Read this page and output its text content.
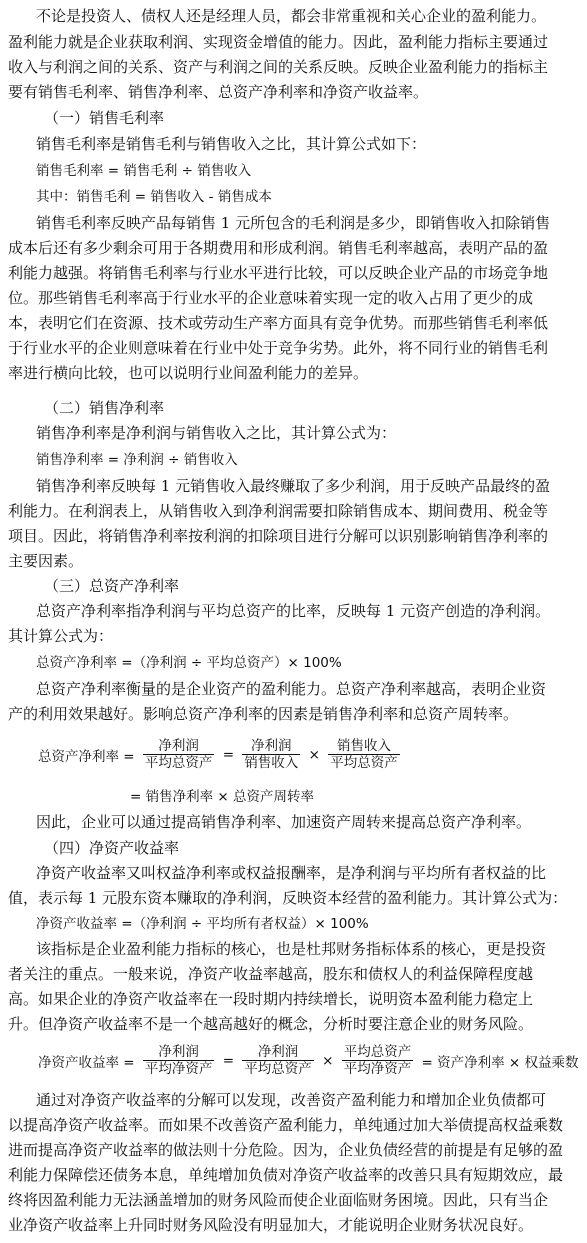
不论是投资人、债权人还是经理人员，都会非常重视和关心企业的盈利能力。
盈利能力就是企业获取利润、实现资金增值的能力。因此，盈利能力指标主要通过
收入与利润之间的关系、资产与利润之间的关系反映。反映企业盈利能力的指标主
要有销售毛利率、销售净利率、总资产净利率和净资产收益率。
（一）销售毛利率
销售毛利率是销售毛利与销售收入之比，其计算公式如下：
销售毛利率 = 销售毛利 ÷ 销售收入
其中：销售毛利 = 销售收入 - 销售成本
销售毛利率反映产品每销售 1 元所包含的毛利润是多少，即销售收入扣除销售
成本后还有多少剩余可用于各期费用和形成利润。销售毛利率越高，表明产品的盈
利能力越强。将销售毛利率与行业水平进行比较，可以反映企业产品的市场竞争地
位。那些销售毛利率高于行业水平的企业意味着实现一定的收入占用了更少的成
本，表明它们在资源、技术或劳动生产率方面具有竞争优势。而那些销售毛利率低
于行业水平的企业则意味着在行业中处于竞争劣势。此外，将不同行业的销售毛利
率进行横向比较，也可以说明行业间盈利能力的差异。
（二）销售净利率
销售净利率是净利润与销售收入之比，其计算公式为：
销售净利率 = 净利润 ÷ 销售收入
销售净利率反映每 1 元销售收入最终赚取了多少利润，用于反映产品最终的盈
利能力。在利润表上，从销售收入到净利润需要扣除销售成本、期间费用、税金等
项目。因此，将销售净利率按利润的扣除项目进行分解可以识别影响销售净利率的
主要因素。
（三）总资产净利率
总资产净利率指净利润与平均总资产的比率，反映每 1 元资产创造的净利润。
其计算公式为：
总资产净利率 =（净利润 ÷ 平均总资产）× 100%
总资产净利率衡量的是企业资产的盈利能力。总资产净利率越高，表明企业资
产的利用效果越好。影响总资产净利率的因素是销售净利率和总资产周转率。
总资产净利率 = $\frac{\text{净利润}}{\text{平均总资产}} = \frac{\text{净利润}}{\text{销售收入}} \times \frac{\text{销售收入}}{\text{平均总资产}}$
= 销售净利率 × 总资产周转率
因此，企业可以通过提高销售净利率、加速资产周转来提高总资产净利率。
（四）净资产收益率
净资产收益率又叫权益净利率或权益报酬率，是净利润与平均所有者权益的比
值，表示每 1 元股东资本赚取的净利润，反映资本经营的盈利能力。其计算公式为：
净资产收益率 =（净利润 ÷ 平均所有者权益）× 100%
该指标是企业盈利能力指标的核心，也是杜邦财务指标体系的核心，更是投资
者关注的重点。一般来说，净资产收益率越高，股东和债权人的利益保障程度越
高。如果企业的净资产收益率在一段时期内持续增长，说明资本盈利能力稳定上
升。但净资产收益率不是一个越高越好的概念，分析时要注意企业的财务风险。
净资产收益率 = $\frac{\text{净利润}}{\text{平均净资产}} = \frac{\text{净利润}}{\text{平均总资产}} \times \frac{\text{平均总资产}}{\text{平均净资产}}$ = 资产净利率 × 权益乘数
通过对净资产收益率的分解可以发现，改善资产盈利能力和增加企业负债都可
以提高净资产收益率。而如果不改善资产盈利能力，单纯通过加大举债提高权益乘数
进而提高净资产收益率的做法则十分危险。因为，企业负债经营的前提是有足够的盈
利能力保障偿还债务本息，单纯增加负债对净资产收益率的改善只具有短期效应，最
终将因盈利能力无法涵盖增加的财务风险而使企业面临财务困境。因此，只有当企
业净资产收益率上升同时财务风险没有明显加大，才能说明企业财务状况良好。
